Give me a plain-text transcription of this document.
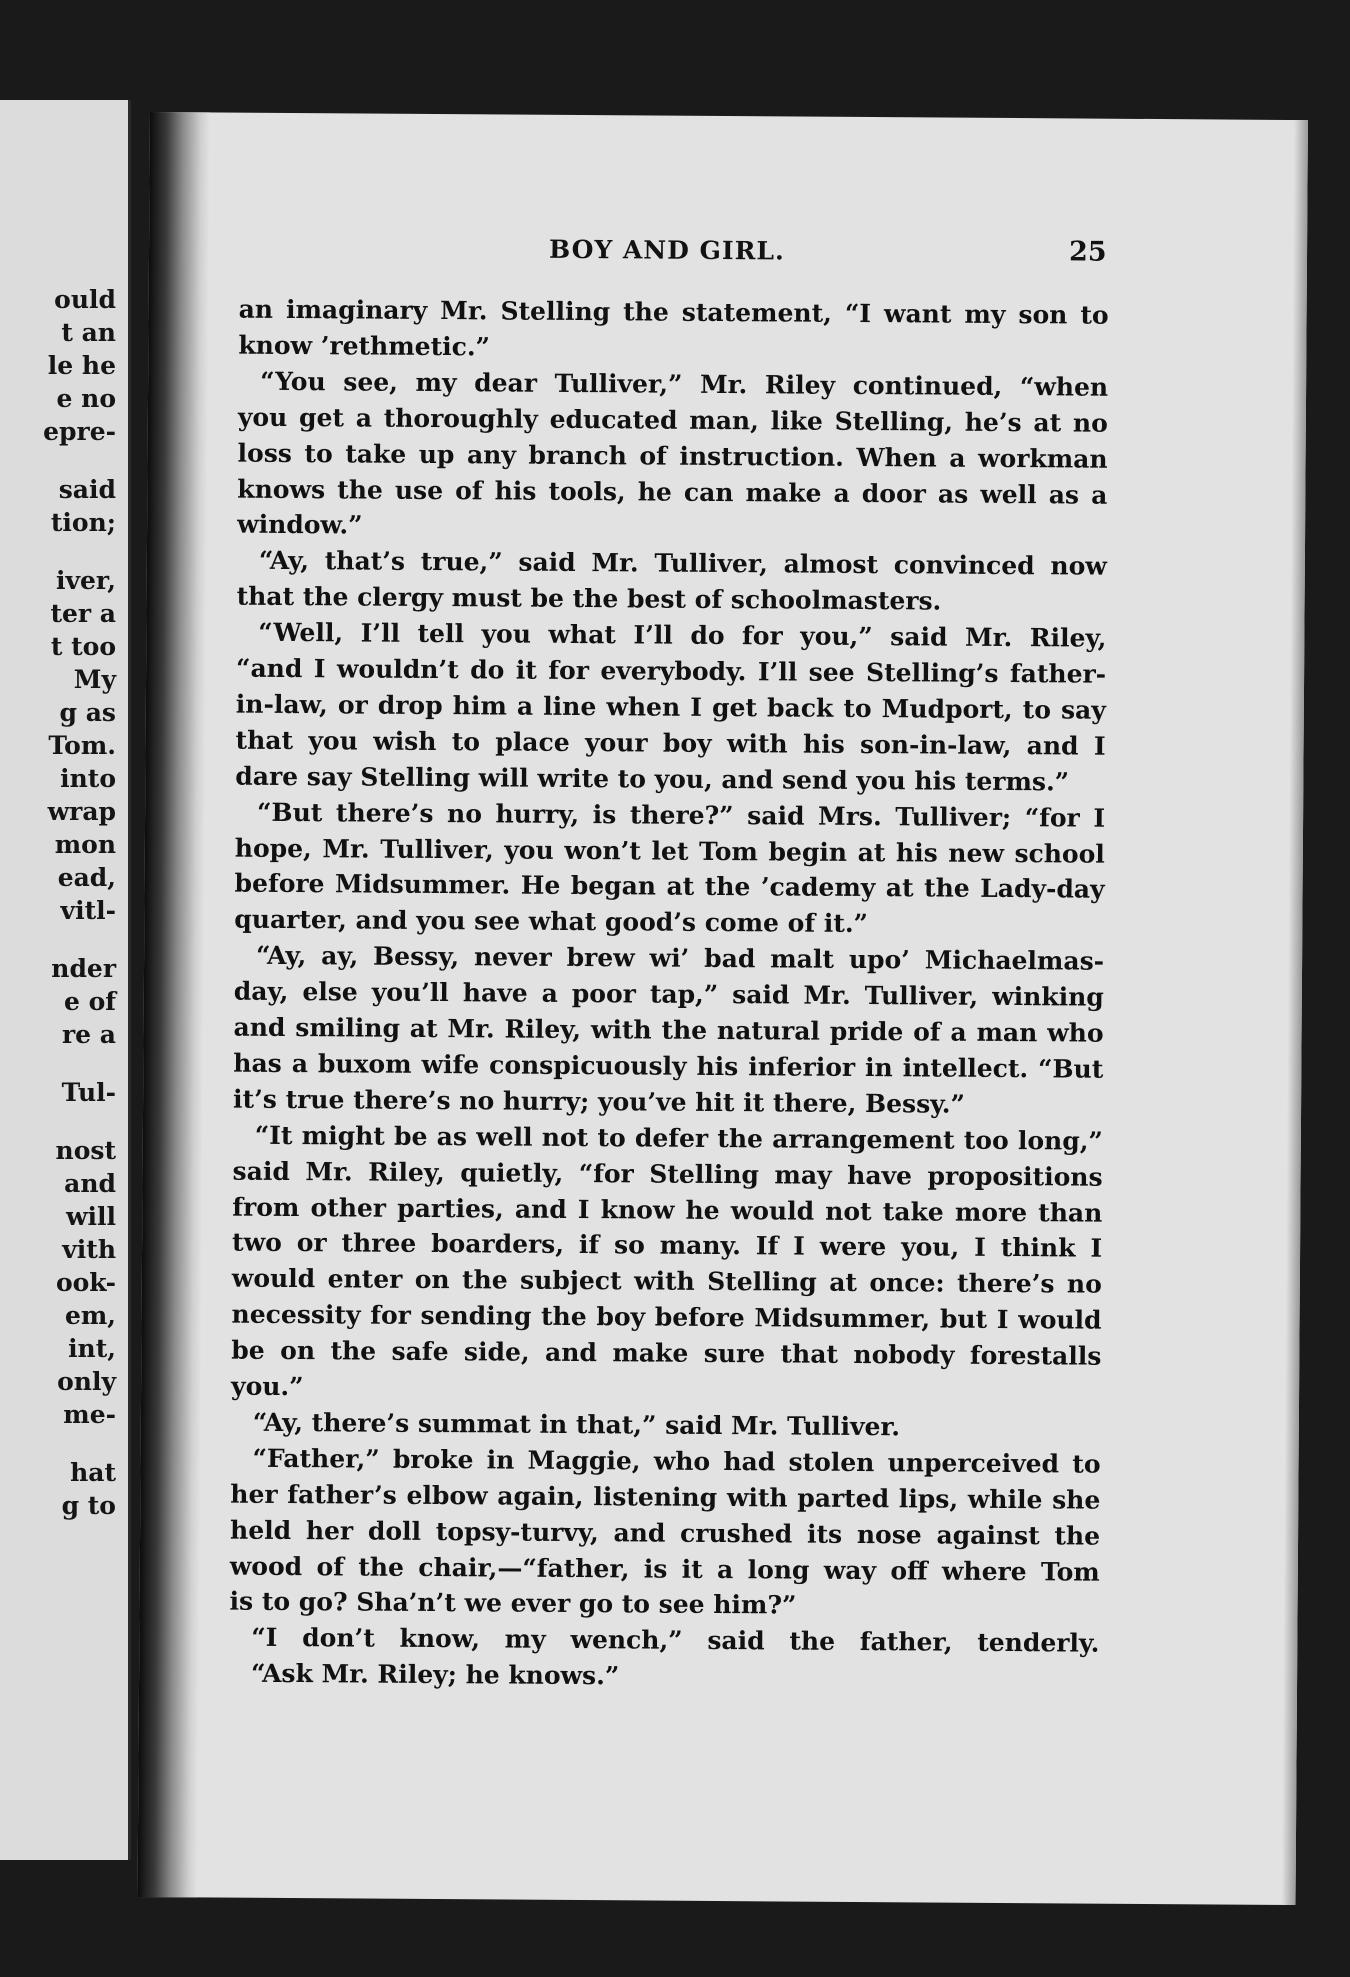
ould
t an
le he
e no
epre-
said
tion;
iver,
ter a
t too
My
g as
Tom.
into
wrap
mon
ead,
vitl-
nder
e of
re a
Tul-
nost
and
will
vith
ook-
em,
int,
only
me-
hat
g to
BOY AND GIRL.	25
an imaginary Mr. Stelling the statement, “I want my son to
know ’rethmetic.”
“You see, my dear Tulliver,” Mr. Riley continued, “when
you get a thoroughly educated man, like Stelling, he’s at no
loss to take up any branch of instruction. When a workman
knows the use of his tools, he can make a door as well as a
window.”
“Ay, that’s true,” said Mr. Tulliver, almost convinced now
that the clergy must be the best of schoolmasters.
“Well, I’ll tell you what I’ll do for you,” said Mr. Riley,
“and I wouldn’t do it for everybody. I’ll see Stelling’s father-
in-law, or drop him a line when I get back to Mudport, to say
that you wish to place your boy with his son-in-law, and I
dare say Stelling will write to you, and send you his terms.”
“But there’s no hurry, is there?” said Mrs. Tulliver; “for I
hope, Mr. Tulliver, you won’t let Tom begin at his new school
before Midsummer. He began at the ’cademy at the Lady-day
quarter, and you see what good’s come of it.”
“Ay, ay, Bessy, never brew wi’ bad malt upo’ Michaelmas-
day, else you’ll have a poor tap,” said Mr. Tulliver, winking
and smiling at Mr. Riley, with the natural pride of a man who
has a buxom wife conspicuously his inferior in intellect. “But
it’s true there’s no hurry; you’ve hit it there, Bessy.”
“It might be as well not to defer the arrangement too long,”
said Mr. Riley, quietly, “for Stelling may have propositions
from other parties, and I know he would not take more than
two or three boarders, if so many. If I were you, I think I
would enter on the subject with Stelling at once: there’s no
necessity for sending the boy before Midsummer, but I would
be on the safe side, and make sure that nobody forestalls
you.”
“Ay, there’s summat in that,” said Mr. Tulliver.
“Father,” broke in Maggie, who had stolen unperceived to
her father’s elbow again, listening with parted lips, while she
held her doll topsy-turvy, and crushed its nose against the
wood of the chair,—“father, is it a long way off where Tom
is to go? Sha’n’t we ever go to see him?”
“I don’t know, my wench,” said the father, tenderly.
“Ask Mr. Riley; he knows.”
